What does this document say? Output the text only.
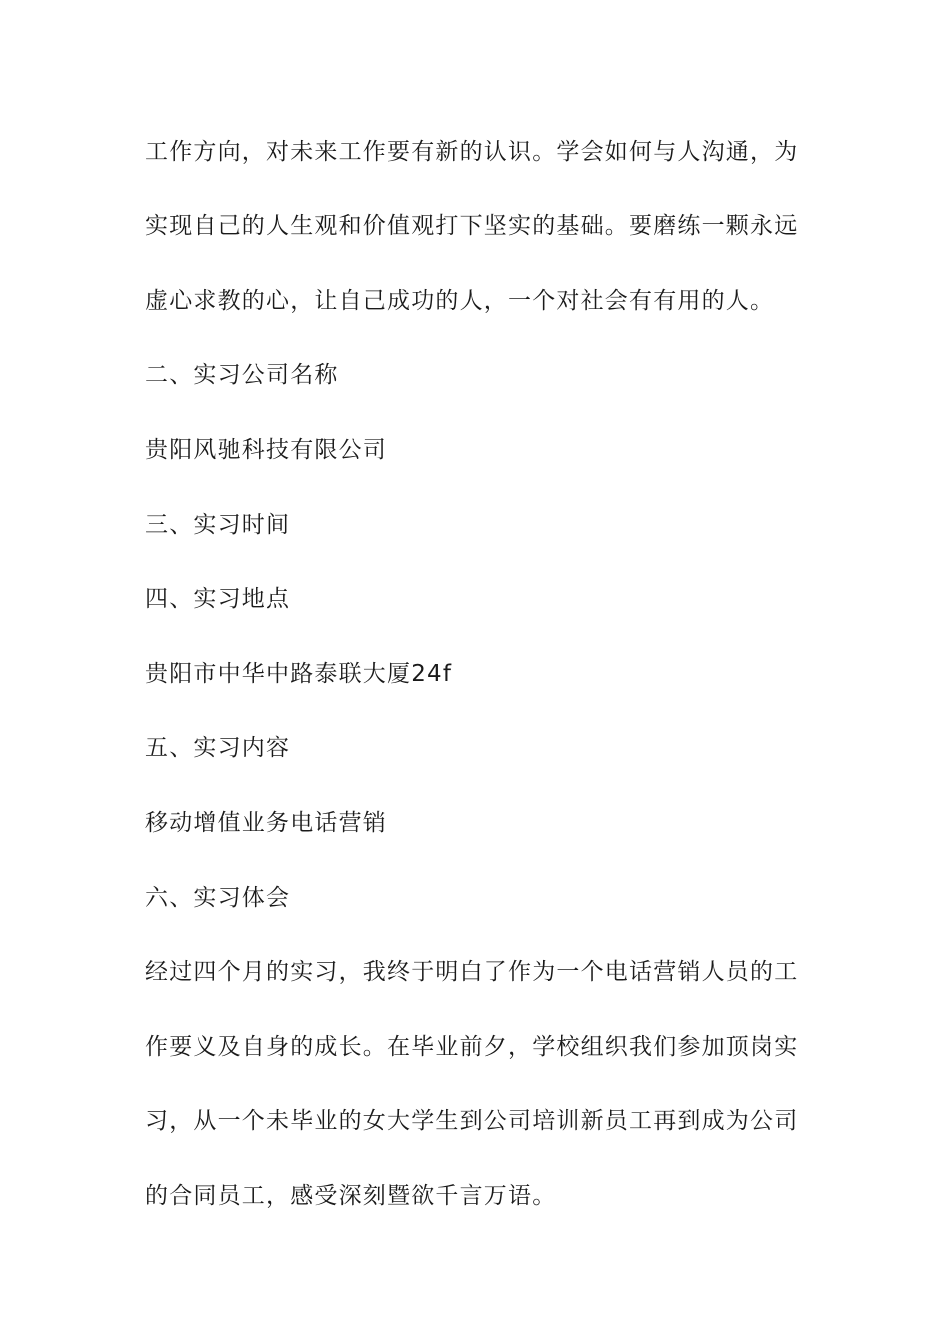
工作方向，对未来工作要有新的认识。学会如何与人沟通，为
实现自己的人生观和价值观打下坚实的基础。要磨练一颗永远
虚心求教的心，让自己成功的人，一个对社会有有用的人。
二、实习公司名称
贵阳风驰科技有限公司
三、实习时间
四、实习地点
贵阳市中华中路泰联大厦24f
五、实习内容
移动增值业务电话营销
六、实习体会
经过四个月的实习，我终于明白了作为一个电话营销人员的工
作要义及自身的成长。在毕业前夕，学校组织我们参加顶岗实
习，从一个未毕业的女大学生到公司培训新员工再到成为公司
的合同员工，感受深刻暨欲千言万语。
